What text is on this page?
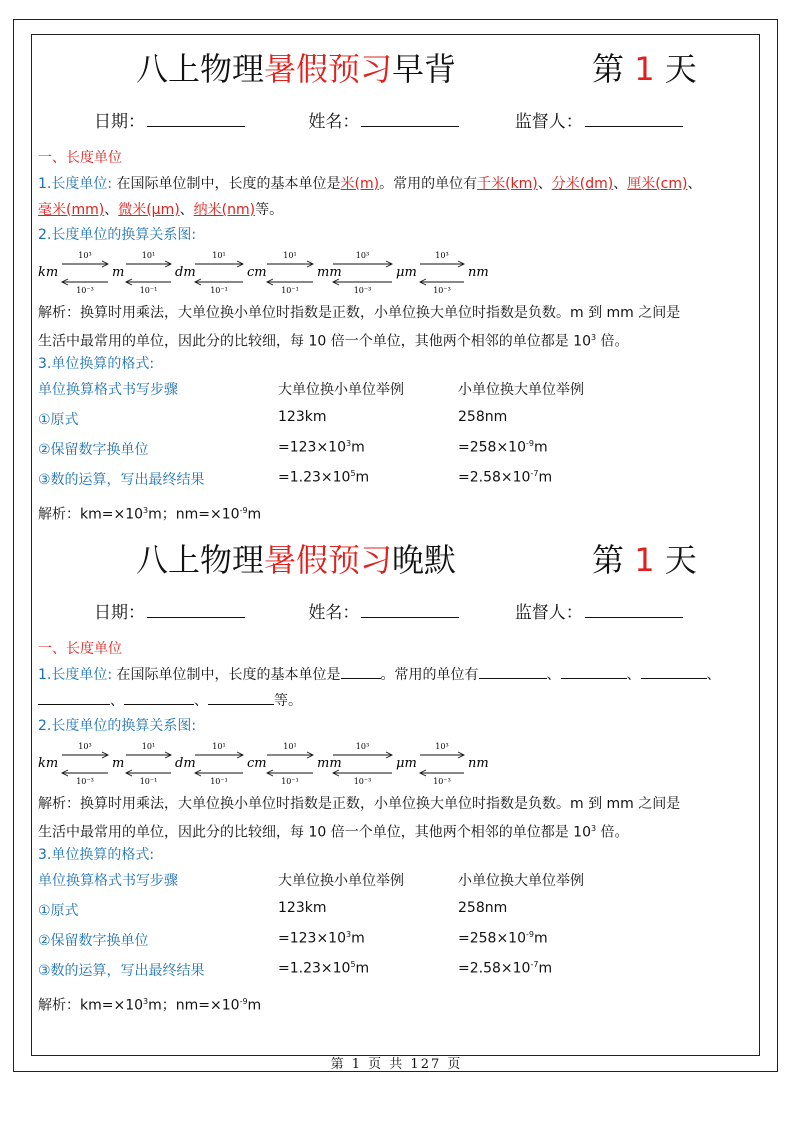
八上物理暑假预习早背	第 1 天
日期：	姓名：	监督人：
一、长度单位
1.长度单位: 在国际单位制中，长度的基本单位是米(m)。常用的单位有千米(km)、分米(dm)、厘米(cm)、
毫米(mm)、微米(μm)、纳米(nm)等。
2.长度单位的换算关系图:
km	m	dm	cm	mm	μm	nm
10³
10⁻³
10¹
10⁻¹
10¹
10⁻¹
10¹
10⁻¹
10³
10⁻³
10³
10⁻³
解析：换算时用乘法，大单位换小单位时指数是正数，小单位换大单位时指数是负数。m 到 mm 之间是
生活中最常用的单位，因此分的比较细，每 10 倍一个单位，其他两个相邻的单位都是 $10^3$ 倍。
3.单位换算的格式:
单位换算格式书写步骤	大单位换小单位举例	小单位换大单位举例
①原式	123km	258nm
②保留数字换单位	$=123\times 10^3m$	$=258\times 10^{-9}m$
③数的运算，写出最终结果	$=1.23\times 10^5m$	$=2.58\times 10^{-7}m$
解析：$km=\times 10^3m$；$nm=\times 10^{-9}m$
八上物理暑假预习晚默	第 1 天
日期：	姓名：	监督人：
一、长度单位
1.长度单位: 在国际单位制中，长度的基本单位是	。常用的单位有	、	、	、
、	、	等。
2.长度单位的换算关系图:
km	m	dm	cm	mm	μm	nm
10³
10⁻³
10¹
10⁻¹
10¹
10⁻¹
10¹
10⁻¹
10³
10⁻³
10³
10⁻³
解析：换算时用乘法，大单位换小单位时指数是正数，小单位换大单位时指数是负数。m 到 mm 之间是
生活中最常用的单位，因此分的比较细，每 10 倍一个单位，其他两个相邻的单位都是 $10^3$ 倍。
3.单位换算的格式:
单位换算格式书写步骤	大单位换小单位举例	小单位换大单位举例
①原式	123km	258nm
②保留数字换单位	$=123\times 10^3m$	$=258\times 10^{-9}m$
③数的运算，写出最终结果	$=1.23\times 10^5m$	$=2.58\times 10^{-7}m$
解析：$km=\times 10^3m$；$nm=\times 10^{-9}m$
第 1 页 共 127 页
